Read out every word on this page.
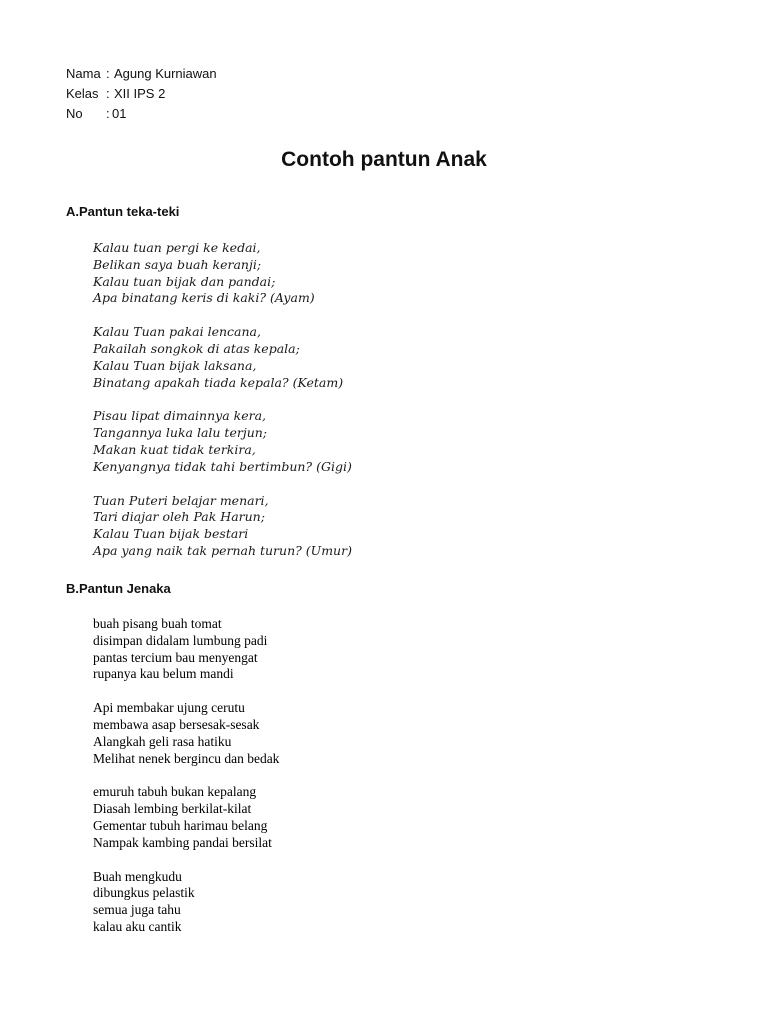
Nama : Agung Kurniawan
Kelas : XII IPS 2
No	: 01
Contoh pantun Anak
A.Pantun teka-teki
Kalau tuan pergi ke kedai,
Belikan saya buah keranji;
Kalau tuan bijak dan pandai;
Apa binatang keris di kaki? (Ayam)
Kalau Tuan pakai lencana,
Pakailah songkok di atas kepala;
Kalau Tuan bijak laksana,
Binatang apakah tiada kepala? (Ketam)
Pisau lipat dimainnya kera,
Tangannya luka lalu terjun;
Makan kuat tidak terkira,
Kenyangnya tidak tahi bertimbun? (Gigi)
Tuan Puteri belajar menari,
Tari diajar oleh Pak Harun;
Kalau Tuan bijak bestari
Apa yang naik tak pernah turun? (Umur)
B.Pantun Jenaka
buah pisang buah tomat
disimpan didalam lumbung padi
pantas tercium bau menyengat
rupanya kau belum mandi
Api membakar ujung cerutu
membawa asap bersesak-sesak
Alangkah geli rasa hatiku
Melihat nenek bergincu dan bedak
emuruh tabuh bukan kepalang
Diasah lembing berkilat-kilat
Gementar tubuh harimau belang
Nampak kambing pandai bersilat
Buah mengkudu
dibungkus pelastik
semua juga tahu
kalau aku cantik
